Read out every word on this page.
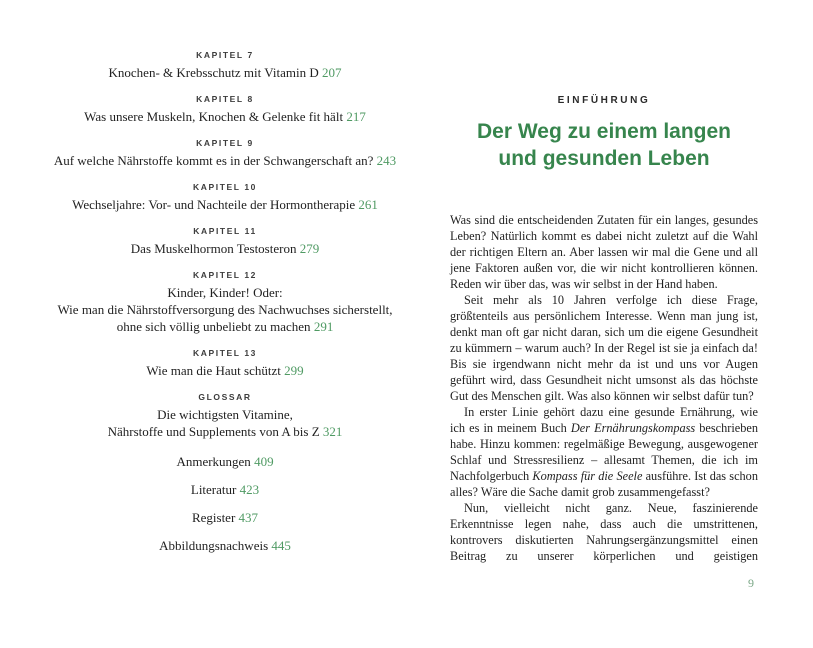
KAPITEL 7
Knochen- & Krebsschutz mit Vitamin D 207
KAPITEL 8
Was unsere Muskeln, Knochen & Gelenke fit hält 217
KAPITEL 9
Auf welche Nährstoffe kommt es in der Schwangerschaft an? 243
KAPITEL 10
Wechseljahre: Vor- und Nachteile der Hormontherapie 261
KAPITEL 11
Das Muskelhormon Testosteron 279
KAPITEL 12
Kinder, Kinder! Oder:
Wie man die Nährstoffversorgung des Nachwuchses sicherstellt,
ohne sich völlig unbeliebt zu machen 291
KAPITEL 13
Wie man die Haut schützt 299
GLOSSAR
Die wichtigsten Vitamine,
Nährstoffe und Supplements von A bis Z 321
Anmerkungen 409
Literatur 423
Register 437
Abbildungsnachweis 445
EINFÜHRUNG
Der Weg zu einem langen
und gesunden Leben

Was sind die entscheidenden Zutaten für ein langes, gesundes Leben? Natürlich kommt es dabei nicht zuletzt auf die Wahl der richtigen Eltern an. Aber lassen wir mal die Gene und all jene Faktoren außen vor, die wir nicht kontrollieren können. Reden wir über das, was wir selbst in der Hand haben.

Seit mehr als 10 Jahren verfolge ich diese Frage, größtenteils aus persönlichem Interesse. Wenn man jung ist, denkt man oft gar nicht daran, sich um die eigene Gesundheit zu kümmern – warum auch? In der Regel ist sie ja einfach da! Bis sie irgendwann nicht mehr da ist und uns vor Augen geführt wird, dass Gesundheit nicht umsonst als das höchste Gut des Menschen gilt. Was also können wir selbst dafür tun?

In erster Linie gehört dazu eine gesunde Ernährung, wie ich es in meinem Buch Der Ernährungskompass beschrieben habe. Hinzu kommen: regelmäßige Bewegung, ausgewogener Schlaf und Stressresilienz – allesamt Themen, die ich im Nachfolgerbuch Kompass für die Seele ausführe. Ist das schon alles? Wäre die Sache damit grob zusammengefasst?

Nun, vielleicht nicht ganz. Neue, faszinierende Erkenntnisse legen nahe, dass auch die umstrittenen, kontrovers diskutierten Nahrungsergänzungsmittel einen Beitrag zu unserer körperlichen und geistigen

9
